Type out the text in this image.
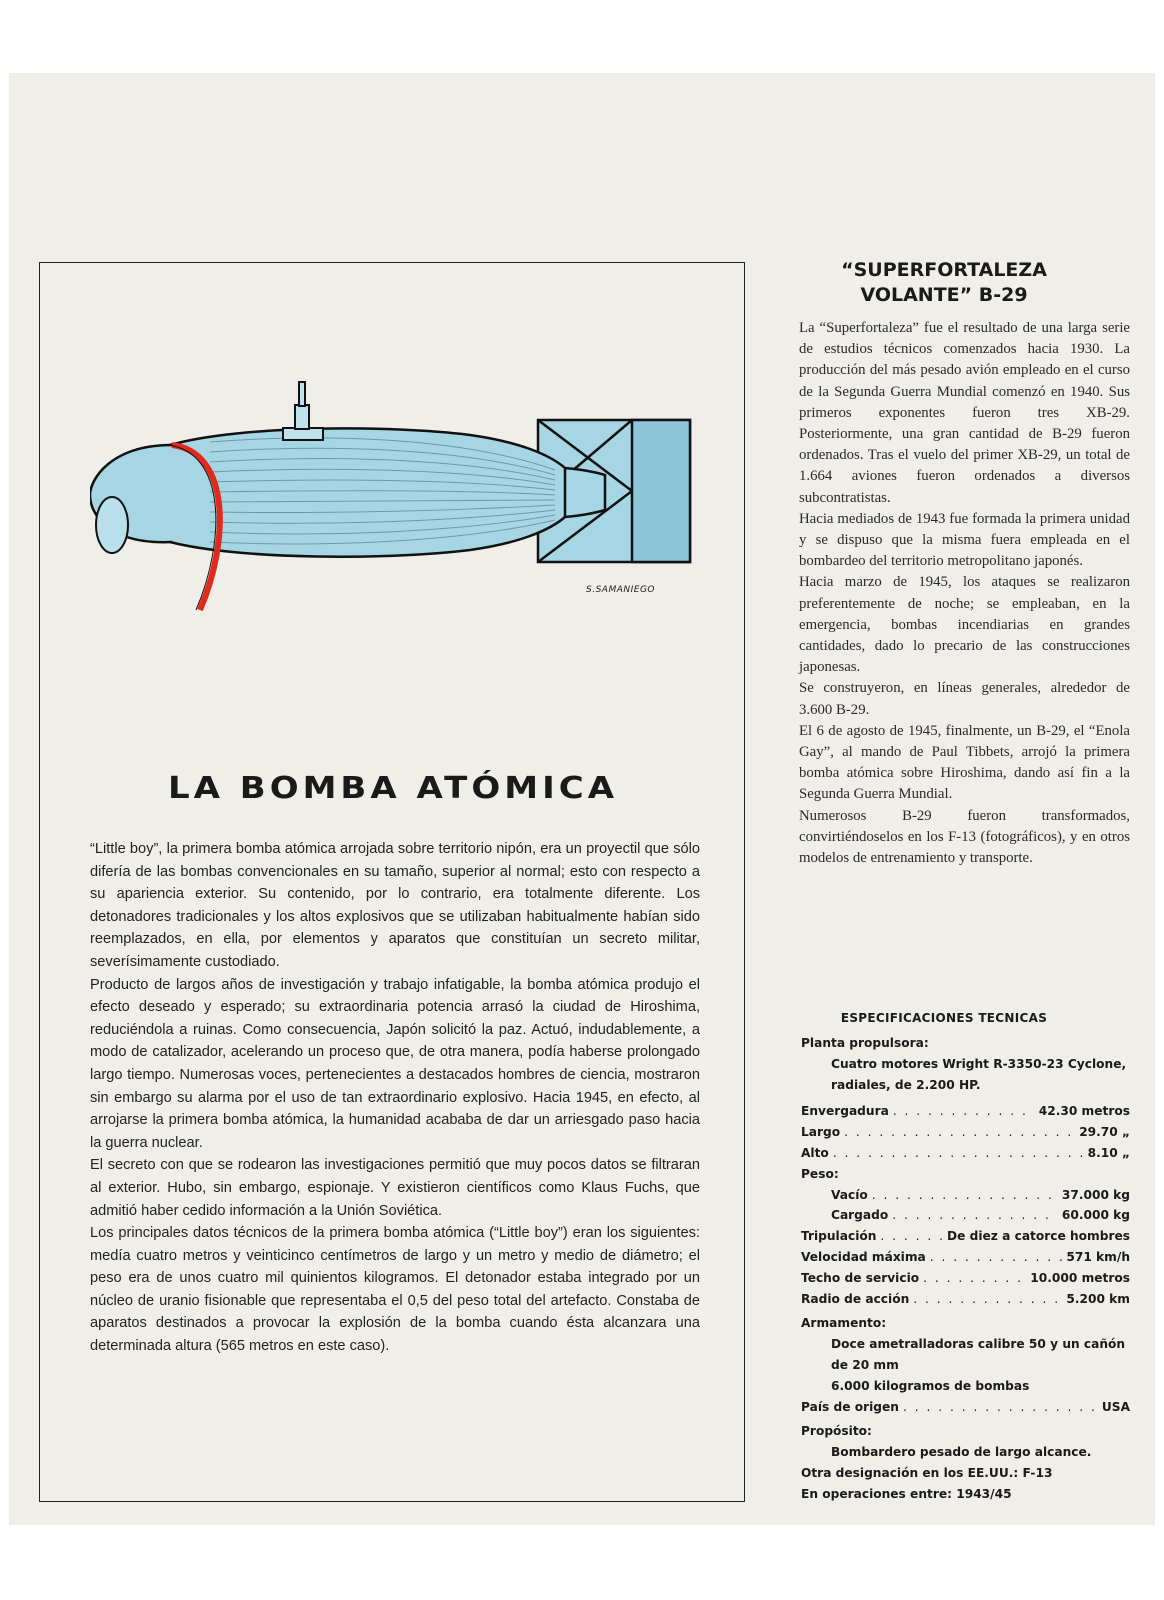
S.SAMANIEGO
LA BOMBA ATÓMICA

“Little boy”, la primera bomba atómica arrojada sobre territorio nipón, era un proyectil que sólo difería de las bombas convencionales en su tamaño, superior al normal; esto con respecto a su apariencia exterior. Su contenido, por lo contrario, era totalmente diferente. Los detonadores tradicionales y los altos explosivos que se utilizaban habitualmente habían sido reemplazados, en ella, por elementos y aparatos que constituían un secreto militar, severísimamente custodiado.

Producto de largos años de investigación y trabajo infatigable, la bomba atómica produjo el efecto deseado y esperado; su extraordinaria potencia arrasó la ciudad de Hiroshima, reduciéndola a ruinas. Como consecuencia, Japón solicitó la paz. Actuó, indudablemente, a modo de catalizador, acelerando un proceso que, de otra manera, podía haberse prolongado largo tiempo. Numerosas voces, pertenecientes a destacados hombres de ciencia, mostraron sin embargo su alarma por el uso de tan extraordinario explosivo. Hacia 1945, en efecto, al arrojarse la primera bomba atómica, la humanidad acababa de dar un arriesgado paso hacia la guerra nuclear.

El secreto con que se rodearon las investigaciones permitió que muy pocos datos se filtraran al exterior. Hubo, sin embargo, espionaje. Y existieron científicos como Klaus Fuchs, que admitió haber cedido información a la Unión Soviética.

Los principales datos técnicos de la primera bomba atómica (“Little boy”) eran los siguientes: medía cuatro metros y veinticinco centímetros de largo y un metro y medio de diámetro; el peso era de unos cuatro mil quinientos kilogramos. El detonador estaba integrado por un núcleo de uranio fisionable que representaba el 0,5 del peso total del artefacto. Constaba de aparatos destinados a provocar la explosión de la bomba cuando ésta alcanzara una determinada altura (565 metros en este caso).

“SUPERFORTALEZA
VOLANTE” B-29

La “Superfortaleza” fue el resultado de una larga serie de estudios técnicos comenzados hacia 1930. La producción del más pesado avión empleado en el curso de la Segunda Guerra Mundial comenzó en 1940. Sus primeros exponentes fueron tres XB-29. Posteriormente, una gran cantidad de B-29 fueron ordenados. Tras el vuelo del primer XB-29, un total de 1.664 aviones fueron ordenados a diversos subcontratistas.

Hacia mediados de 1943 fue formada la primera unidad y se dispuso que la misma fuera empleada en el bombardeo del territorio metropolitano japonés.

Hacia marzo de 1945, los ataques se realizaron preferentemente de noche; se empleaban, en la emergencia, bombas incendiarias en grandes cantidades, dado lo precario de las construcciones japonesas.

Se construyeron, en líneas generales, alrededor de 3.600 B-29.

El 6 de agosto de 1945, finalmente, un B-29, el “Enola Gay”, al mando de Paul Tibbets, arrojó la primera bomba atómica sobre Hiroshima, dando así fin a la Segunda Guerra Mundial.

Numerosos B-29 fueron transformados, convirtiéndoselos en los F-13 (fotográficos), y en otros modelos de entrenamiento y transporte.

ESPECIFICACIONES TECNICAS
Planta propulsora:
Cuatro motores Wright R-3350-23 Cyclone, radiales, de 2.200 HP.
Envergadura . . .	42.30 metros
Largo . . .	29.70 „
Alto . . .	8.10 „
Peso:
Vacío . . .	37.000 kg
Cargado . . .	60.000 kg
Tripulación . . .	De diez a catorce hombres
Velocidad máxima . . .	571 km/h
Techo de servicio . . .	10.000 metros
Radio de acción . . .	5.200 km
Armamento:
Doce ametralladoras calibre 50 y un cañón de 20 mm
6.000 kilogramos de bombas
País de origen . . .	USA
Propósito:
Bombardero pesado de largo alcance.
Otra designación en los EE.UU.: F-13
En operaciones entre: 1943/45
